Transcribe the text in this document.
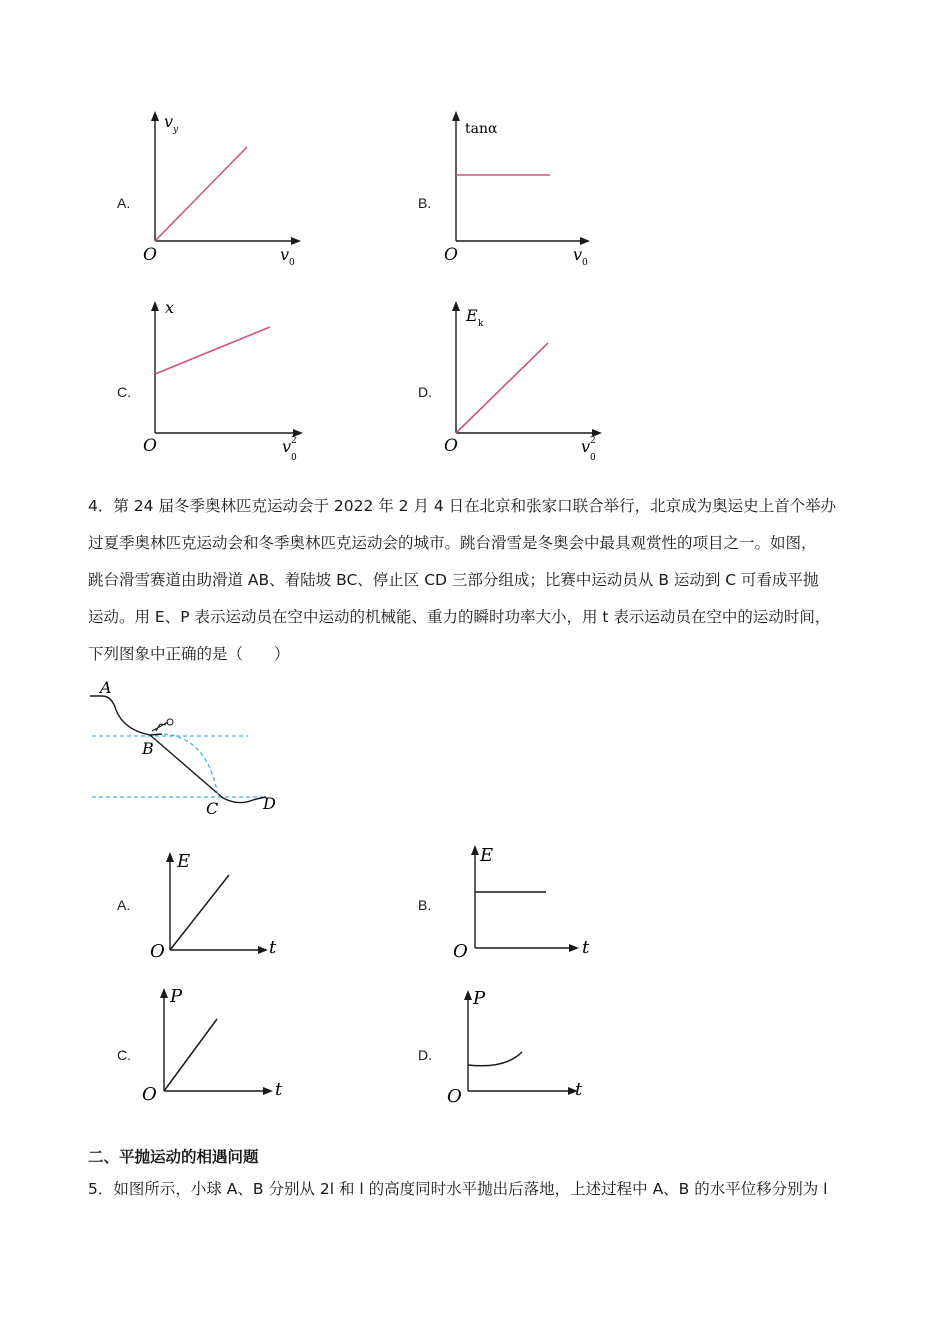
A.
O
v y
v 0
B.
O
tanα
v 0
C.
O
x
v
0
2
D.
O
E k
v
0
2
4．第 24 届冬季奥林匹克运动会于 2022 年 2 月 4 日在北京和张家口联合举行，北京成为奥运史上首个举办
过夏季奥林匹克运动会和冬季奥林匹克运动会的城市。跳台滑雪是冬奥会中最具观赏性的项目之一。如图，
跳台滑雪赛道由助滑道 AB、着陆坡 BC、停止区 CD 三部分组成；比赛中运动员从 B 运动到 C 可看成平抛
运动。用 E、P 表示运动员在空中运动的机械能、重力的瞬时功率大小，用 t 表示运动员在空中的运动时间，
下列图象中正确的是（　　）
A
B
C	D
A.
O
E
t
B.
O
E
t
C.
O
P
t
D.
O
P
t
二、平抛运动的相遇问题
5．如图所示，小球 A、B 分别从 2l 和 l 的高度同时水平抛出后落地，上述过程中 A、B 的水平位移分别为 l
